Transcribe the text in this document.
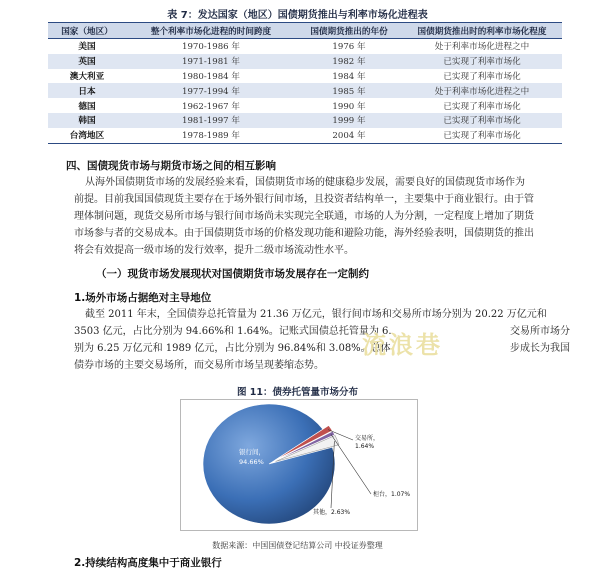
表 7：发达国家（地区）国债期货推出与利率市场化进程表
国家（地区）	整个利率市场化进程的时间跨度	国债期货推出的年份	国债期货推出时的利率市场化程度
美国	1970-1986 年	1976 年	处于利率市场化进程之中
英国	1971-1981 年	1982 年	已实现了利率市场化
澳大利亚	1980-1984 年	1984 年	已实现了利率市场化
日本	1977-1994 年	1985 年	处于利率市场化进程之中
德国	1962-1967 年	1990 年	已实现了利率市场化
韩国	1981-1997 年	1999 年	已实现了利率市场化
台湾地区	1978-1989 年	2004 年	已实现了利率市场化
四、国债现货市场与期货市场之间的相互影响
从海外国债期货市场的发展经验来看，国债期货市场的健康稳步发展，需要良好的国债现货市场作为
前提。目前我国国债现货主要存在于场外银行间市场，且投资者结构单一，主要集中于商业银行。由于管
理体制问题，现货交易所市场与银行间市场尚未实现完全联通，市场的人为分割，一定程度上增加了期货
市场参与者的交易成本。由于国债期货市场的价格发现功能和避险功能，海外经验表明，国债期货的推出
将会有效提高一级市场的发行效率，提升二级市场流动性水平。
（一）现货市场发展现状对国债期货市场发展存在一定制约
1.场外市场占据绝对主导地位
截至 2011 年末，全国债券总托管量为 21.36 万亿元，银行间市场和交易所市场分别为 20.22 万亿元和
3503 亿元，占比分别为 94.66%和 1.64%。记账式国债总托管量为 6.
别为 6.25 万亿元和 1989 亿元，占比分别为 96.84%和 3.08%。总体
债券市场的主要交易场所，而交易所市场呈现萎缩态势。
交易所市场分
步成长为我国
流浪巷
图 11：债券托管量市场分布
银行间，
94.66%
交易所，
1.64%
柜台，1.07%
其他，2.63%
数据来源：中国国债登记结算公司 中投证券整理
2.持续结构高度集中于商业银行
